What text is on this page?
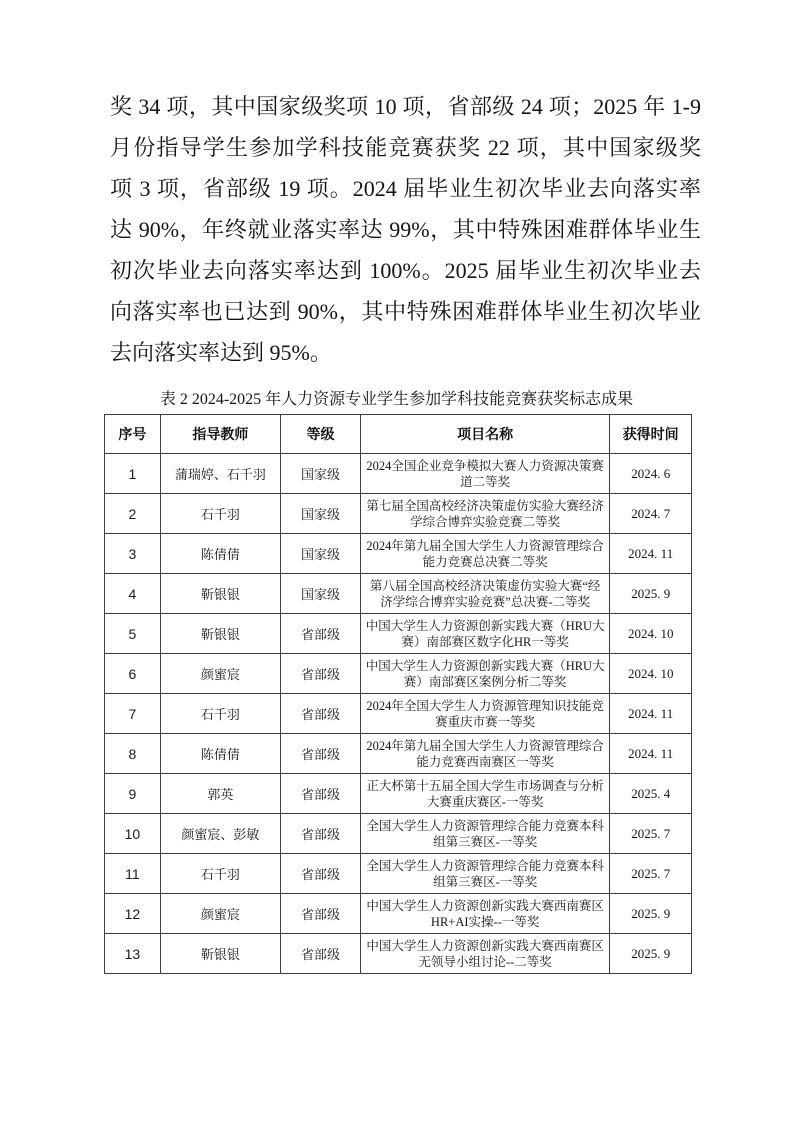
奖 34 项，其中国家级奖项 10 项，省部级 24 项；2025 年 1-9
月份指导学生参加学科技能竞赛获奖 22 项，其中国家级奖
项 3 项，省部级 19 项。2024 届毕业生初次毕业去向落实率
达 90%，年终就业落实率达 99%，其中特殊困难群体毕业生
初次毕业去向落实率达到 100%。2025 届毕业生初次毕业去
向落实率也已达到 90%，其中特殊困难群体毕业生初次毕业
去向落实率达到 95%。
表 2 2024-2025 年人力资源专业学生参加学科技能竞赛获奖标志成果
序号	指导教师	等级	项目名称	获得时间
1	蒲瑞婷、石千羽	国家级	2024全国企业竞争模拟大赛人力资源决策赛道二等奖	2024. 6
2	石千羽	国家级	第七届全国高校经济决策虚仿实验大赛经济学综合博弈实验竞赛二等奖	2024. 7
3	陈倩倩	国家级	2024年第九届全国大学生人力资源管理综合能力竞赛总决赛二等奖	2024. 11
4	靳银银	国家级	第八届全国高校经济决策虚仿实验大赛“经济学综合博弈实验竞赛”总决赛-二等奖	2025. 9
5	靳银银	省部级	中国大学生人力资源创新实践大赛（HRU大赛）南部赛区数字化HR一等奖	2024. 10
6	颜蜜宸	省部级	中国大学生人力资源创新实践大赛（HRU大赛）南部赛区案例分析二等奖	2024. 10
7	石千羽	省部级	2024年全国大学生人力资源管理知识技能竞赛重庆市赛一等奖	2024. 11
8	陈倩倩	省部级	2024年第九届全国大学生人力资源管理综合能力竞赛西南赛区一等奖	2024. 11
9	郭英	省部级	正大杯第十五届全国大学生市场调查与分析大赛重庆赛区-一等奖	2025. 4
10	颜蜜宸、彭敏	省部级	全国大学生人力资源管理综合能力竞赛本科组第三赛区-一等奖	2025. 7
11	石千羽	省部级	全国大学生人力资源管理综合能力竞赛本科组第三赛区-一等奖	2025. 7
12	颜蜜宸	省部级	中国大学生人力资源创新实践大赛西南赛区HR+AI实操--一等奖	2025. 9
13	靳银银	省部级	中国大学生人力资源创新实践大赛西南赛区无领导小组讨论--二等奖	2025. 9
